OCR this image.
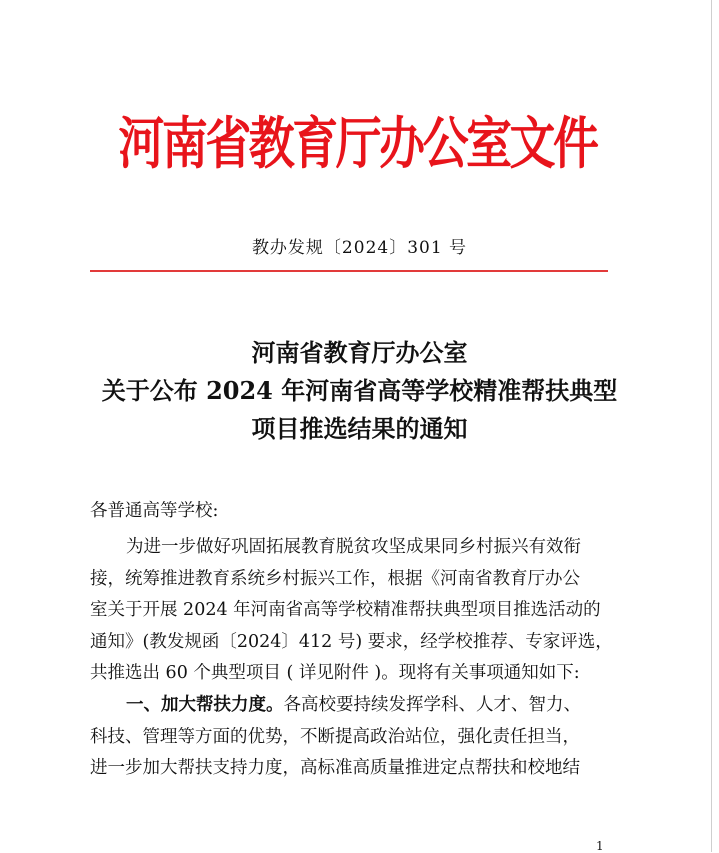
河南省教育厅办公室文件
教办发规〔2024〕301 号
河南省教育厅办公室
关于公布 2024 年河南省高等学校精准帮扶典型
项目推选结果的通知
各普通高等学校:
为进一步做好巩固拓展教育脱贫攻坚成果同乡村振兴有效衔
接，统筹推进教育系统乡村振兴工作，根据《河南省教育厅办公
室关于开展 2024 年河南省高等学校精准帮扶典型项目推选活动的
通知》(教发规函〔2024〕412 号) 要求，经学校推荐、专家评选，
共推选出 60 个典型项目 ( 详见附件 )。现将有关事项通知如下:
一、加大帮扶力度。各高校要持续发挥学科、人才、智力、
科技、管理等方面的优势，不断提高政治站位，强化责任担当，
进一步加大帮扶支持力度，高标准高质量推进定点帮扶和校地结
1
